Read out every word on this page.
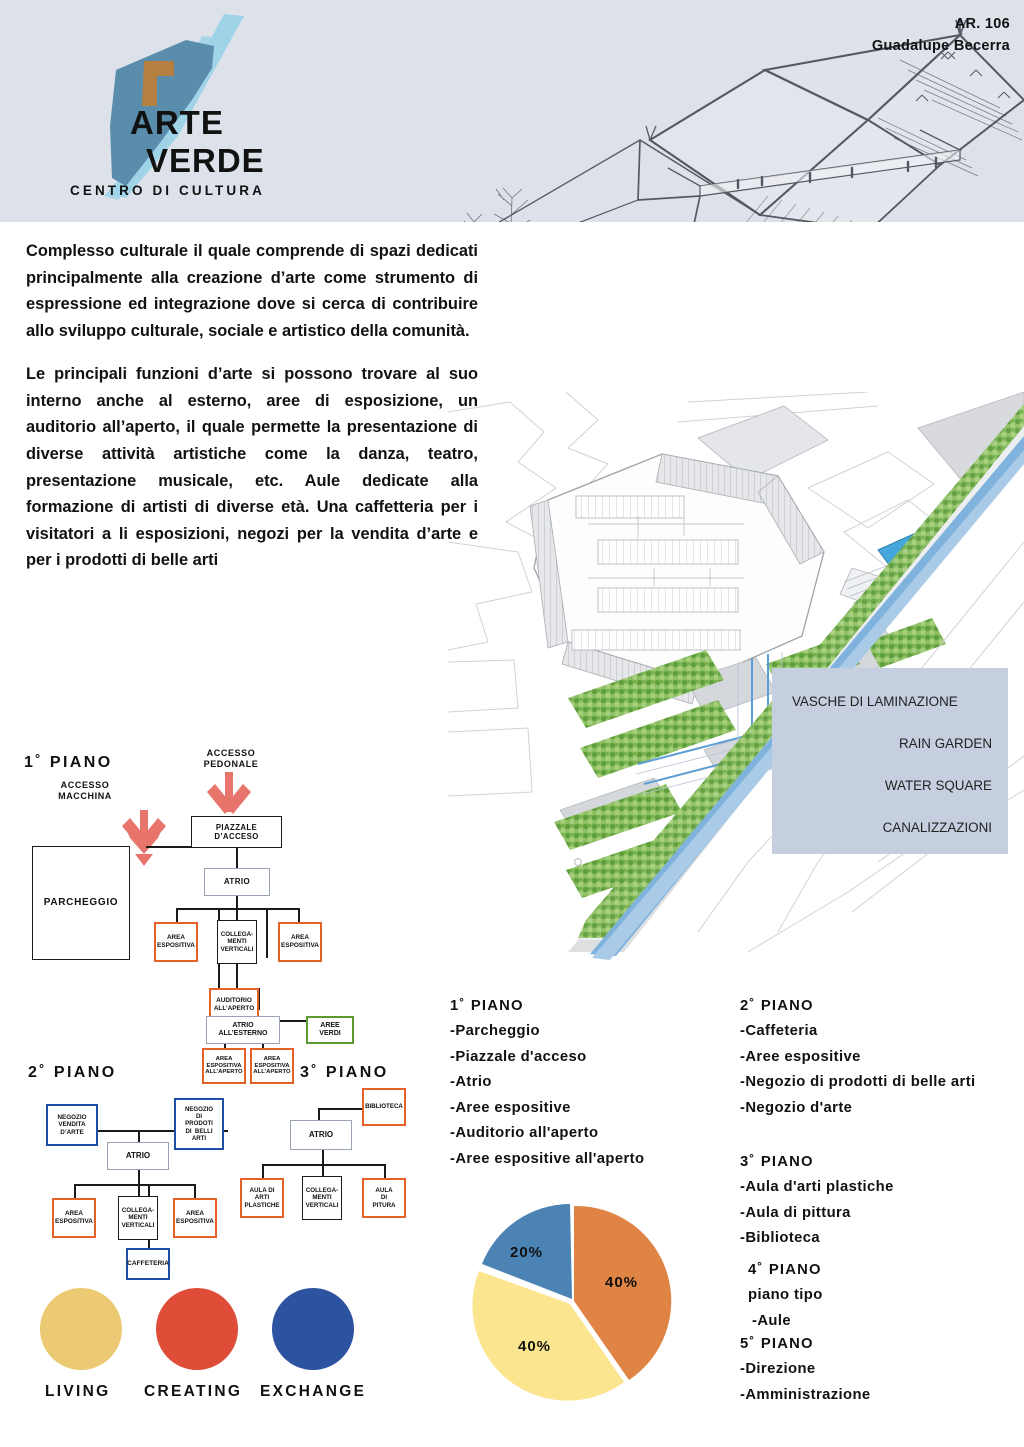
ARTE
VERDE
CENTRO DI CULTURA
AR. 106
Guadalupe Becerra

Complesso culturale il quale comprende di spazi dedicati principalmente alla creazione d’arte come strumento di espressione ed integrazione dove si cerca di contribuire allo sviluppo culturale, sociale e artistico della comunità.

Le principali funzioni d’arte si possono trovare al suo interno anche al esterno, aree di esposizione, un auditorio all’aperto, il quale permette la presentazione di diverse attività artistiche come la danza, teatro, presentazione musicale, etc. Aule dedicate alla formazione di artisti di diverse età. Una caffetteria per i visitatori a li esposizioni, negozi per la vendita d’arte e per i prodotti di belle arti

VASCHE DI LAMINAZIONE
RAIN GARDEN
WATER SQUARE
CANALIZZAZIONI
1˚ PIANO
ACCESSO
MACCHINA
ACCESSO
PEDONALE
PARCHEGGIO
PIAZZALE
D’ACCESO
ATRIO
AREA
ESPOSITIVA
COLLEGA-
MENTI
VERTICALI
AREA
ESPOSITIVA
AUDITORIO
ALL’APERTO
ATRIO
ALL’ESTERNO
AREE
VERDI
AREA
ESPOSITIVA
ALL’APERTO
AREA
ESPOSITIVA
ALL’APERTO
2˚ PIANO
NEGOZIO
VENDITA
D’ARTE
NEGOZIO
DI
PRODOTI
DI  BELLI
ARTI
ATRIO
AREA
ESPOSITIVA
COLLEGA-
MENTI
VERTICALI
AREA
ESPOSITIVA
CAFFETERIA
3˚ PIANO
BIBLIOTECA
ATRIO
AULA DI
ARTI
PLASTICHE
COLLEGA-
MENTI
VERTICALI
AULA
DI
PITURA
1˚ PIANO
-Parcheggio
-Piazzale d'acceso
-Atrio
-Aree espositive
-Auditorio all'aperto
-Aree espositive all'aperto
2˚ PIANO
-Caffeteria
-Aree espositive
-Negozio di prodotti di belle arti
-Negozio d'arte
3˚ PIANO
-Aula d'arti plastiche
-Aula di pittura
-Biblioteca
4˚ PIANO
piano tipo
-Aule
5˚ PIANO
-Direzione
-Amministrazione
40%
40%
20%
LIVING CREATING EXCHANGE
